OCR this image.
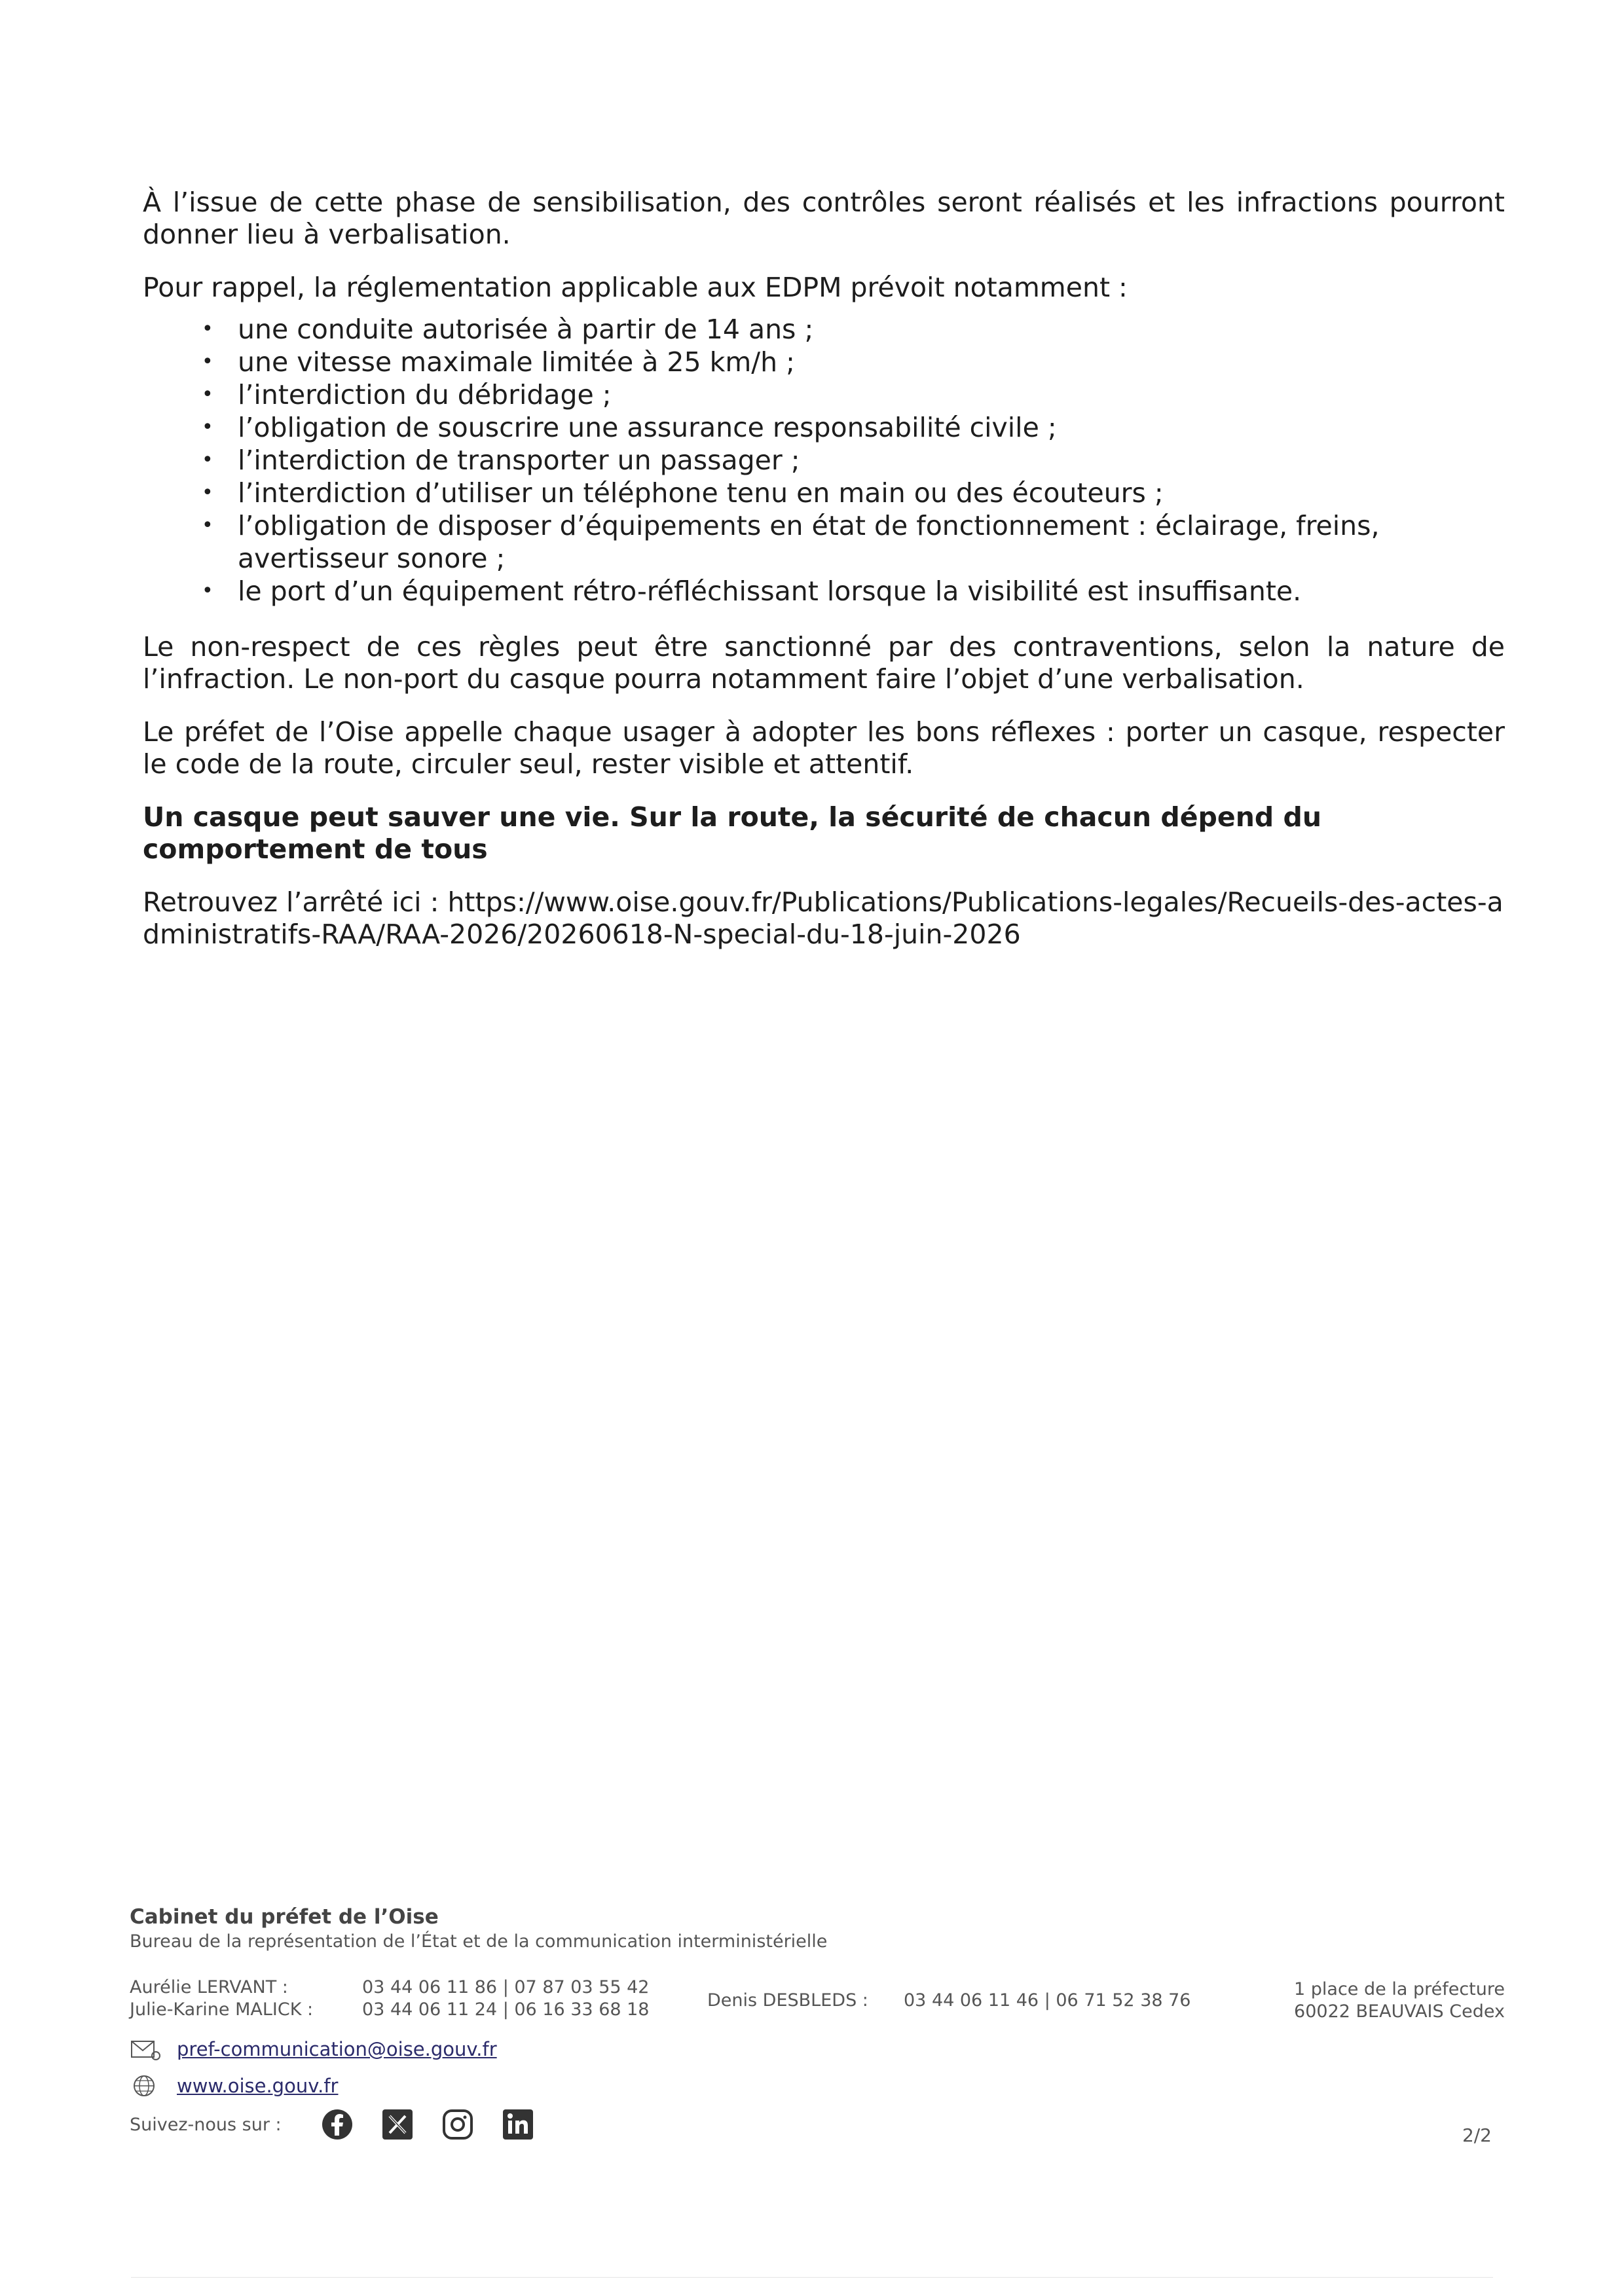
À l’issue de cette phase de sensibilisation, des contrôles seront réalisés et les infractions pourront donner lieu à verbalisation.

Pour rappel, la réglementation applicable aux EDPM prévoit notamment :

• une conduite autorisée à partir de 14 ans ;
• une vitesse maximale limitée à 25 km/h ;
• l’interdiction du débridage ;
• l’obligation de souscrire une assurance responsabilité civile ;
• l’interdiction de transporter un passager ;
• l’interdiction d’utiliser un téléphone tenu en main ou des écouteurs ;
• l’obligation de disposer d’équipements en état de fonctionnement : éclairage, freins, avertisseur sonore ;
• le port d’un équipement rétro-réfléchissant lorsque la visibilité est insuffisante.

Le non-respect de ces règles peut être sanctionné par des contraventions, selon la nature de l’infraction. Le non-port du casque pourra notamment faire l’objet d’une verbalisation.

Le préfet de l’Oise appelle chaque usager à adopter les bons réflexes : porter un casque, respecter le code de la route, circuler seul, rester visible et attentif.

Un casque peut sauver une vie. Sur la route, la sécurité de chacun dépend du comportement de tous

Retrouvez l’arrêté ici : https://www.oise.gouv.fr/Publications/Publications-legales/Recueils-des-actes-administratifs-RAA/RAA-2026/20260618-N-special-du-18-juin-2026

Cabinet du préfet de l’Oise

Bureau de la représentation de l’État et de la communication interministérielle

Aurélie LERVANT :	03 44 06 11 86 | 07 87 03 55 42
Julie-Karine MALICK :	03 44 06 11 24 | 06 16 33 68 18	Denis DESBLEDS : 03 44 06 11 46 | 06 71 52 38 76
1 place de la préfecture
60022 BEAUVAIS Cedex
pref-communication@oise.gouv.fr
www.oise.gouv.fr
Suivez-nous sur :	2/2
